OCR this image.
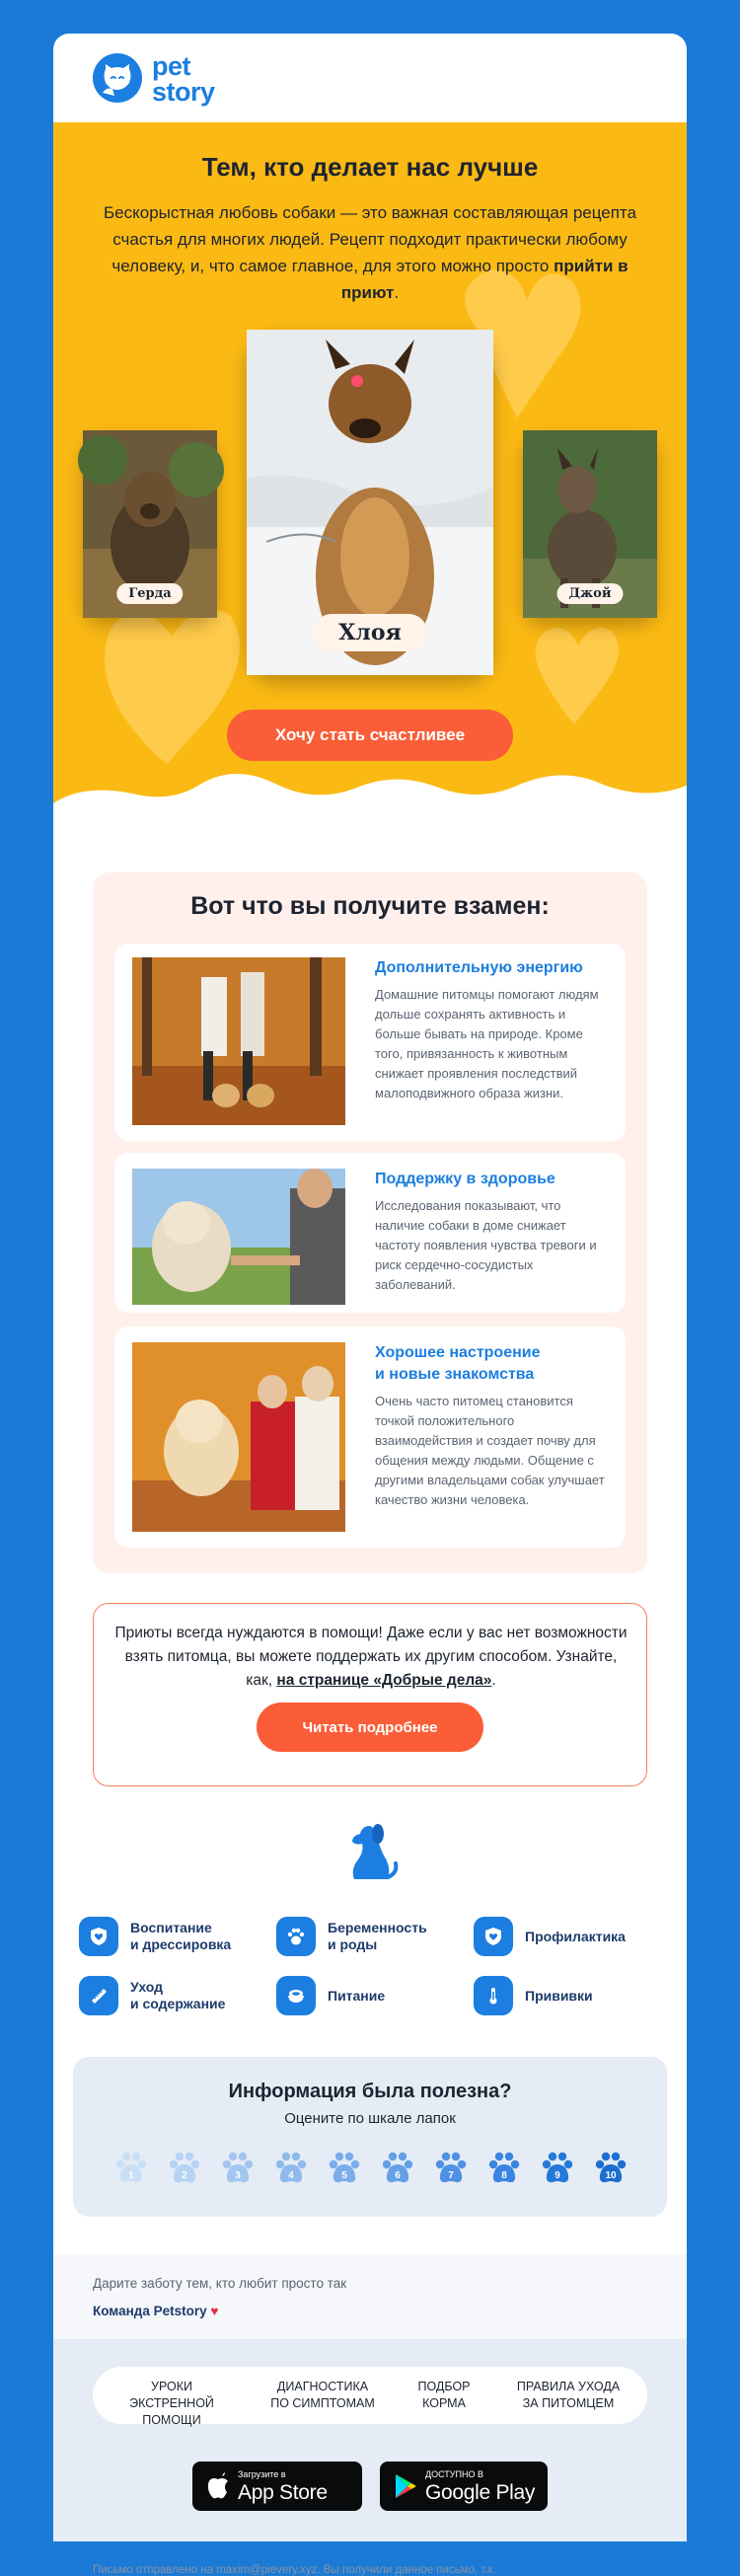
pet
story
Тем, кто делает нас лучше
Бескорыстная любовь собаки — это важная составляющая рецепта счастья для многих людей. Рецепт подходит практически любому человеку, и, что самое главное, для этого можно просто прийти в приют.
Герда
Хлоя
Джой
Хочу стать счастливее
Вот что вы получите взамен:
Дополнительную энергию
Домашние питомцы помогают людям дольше сохранять активность и больше бывать на природе. Кроме того, привязанность к животным снижает проявления последствий малоподвижного образа жизни.
Поддержку в здоровье
Исследования показывают, что наличие собаки в доме снижает частоту появления чувства тревоги и риск сердечно-сосудистых заболеваний.
Хорошее настроение
и новые знакомства
Очень часто питомец становится точкой положительного взаимодействия и создает почву для общения между людьми. Общение с другими владельцами собак улучшает качество жизни человека.
Приюты всегда нуждаются в помощи! Даже если у вас нет возможности взять питомца, вы можете поддержать их другим способом. Узнайте, как, на странице «Добрые дела».
Читать подробнее
Воспитание
и дрессировка
Беременность
и роды
Профилактика
Уход
и содержание
Питание	Прививки
Информация была полезна?
Оцените по шкале лапок
1	2	3	4	5	6	7	8	9	10
Дарите заботу тем, кто любит просто так
Команда Petstory ♥
УРОКИ ЭКСТРЕННОЙ
ПОМОЩИ
ДИАГНОСТИКА
ПО СИМПТОМАМ
ПОДБОР
КОРМА
ПРАВИЛА УХОДА
ЗА ПИТОМЦЕМ
Загрузите в
App Store
ДОСТУПНО В
Google Play
Письмо отправлено на maxim@pievery.xyz. Вы получили данное письмо, т.к.
